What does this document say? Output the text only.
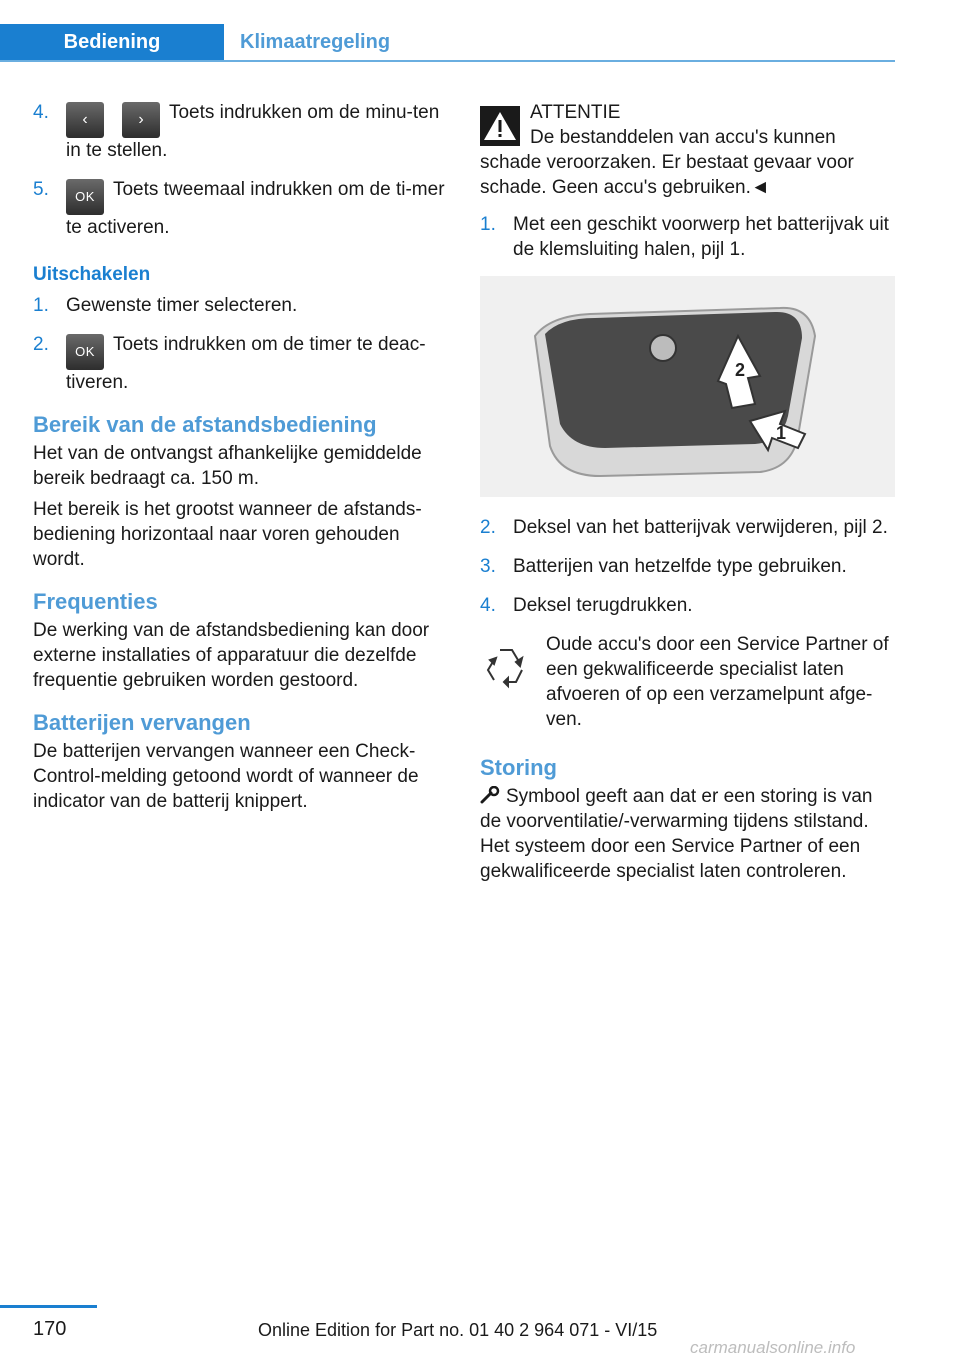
Bediening	Klimaatregeling
4. ‹	› Toets indrukken om de minu-ten in te stellen.
5. OK Toets tweemaal indrukken om de ti-mer te activeren.
Uitschakelen
1. Gewenste timer selecteren.
2. OK Toets indrukken om de timer te deac-tiveren.
Bereik van de afstandsbediening

Het van de ontvangst afhankelijke gemiddelde bereik bedraagt ca. 150 m.

Het bereik is het grootst wanneer de afstands-bediening horizontaal naar voren gehouden wordt.

Frequenties

De werking van de afstandsbediening kan door externe installaties of apparatuur die dezelfde frequentie gebruiken worden gestoord.

Batterijen vervangen

De batterijen vervangen wanneer een Check-Control-melding getoond wordt of wanneer de indicator van de batterij knippert.

ATTENTIE
De bestanddelen van accu's kunnen schade veroorzaken. Er bestaat gevaar voor schade. Geen accu's gebruiken.◄
1. Met een geschikt voorwerp het batterijvak uit de klemsluiting halen, pijl 1.
2
1
2. Deksel van het batterijvak verwijderen, pijl 2.
3. Batterijen van hetzelfde type gebruiken.
4. Deksel terugdrukken.
Oude accu's door een Service Partner of een gekwalificeerde specialist laten afvoeren of op een verzamelpunt afge-ven.
Storing

Symbool geeft aan dat er een storing is van de voorventilatie/-verwarming tijdens stilstand. Het systeem door een Service Partner of een gekwalificeerde specialist laten controleren.

170	Online Edition for Part no. 01 40 2 964 071 - VI/15
carmanualsonline.info
